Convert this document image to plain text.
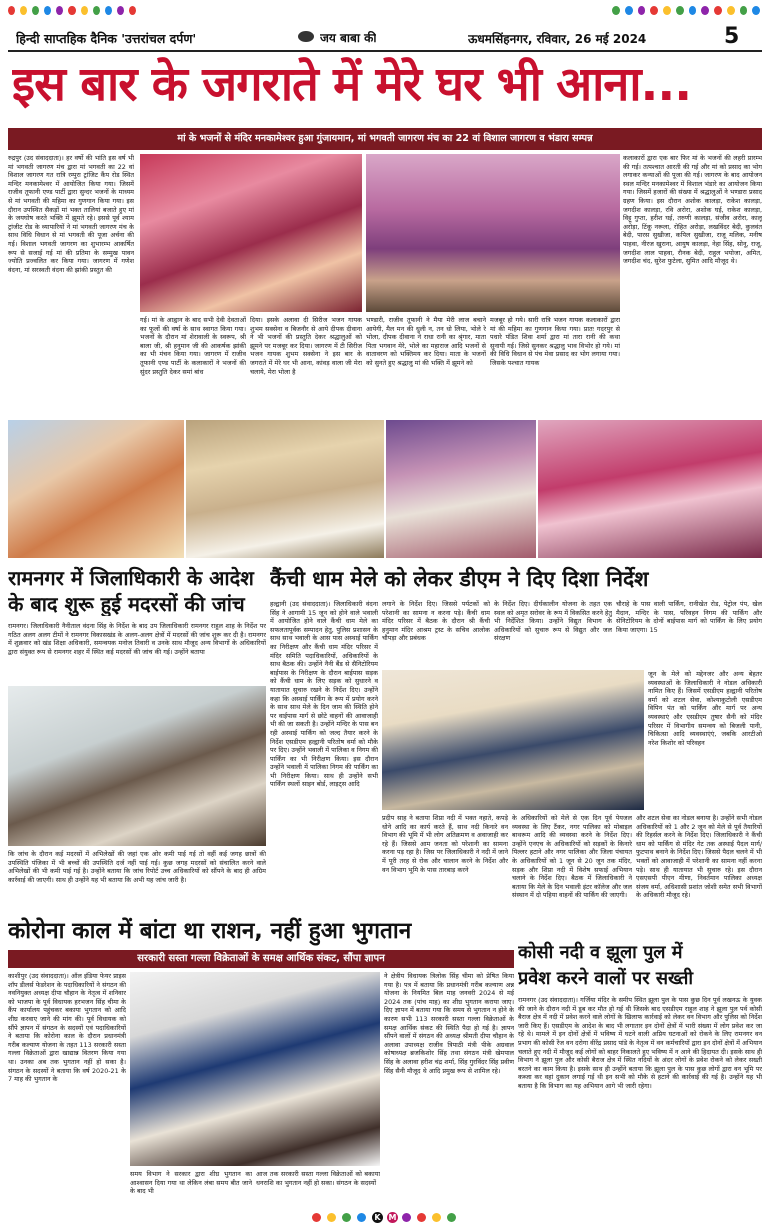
हिन्दी साप्तहिक दैनिक 'उत्तरांचल दर्पण'	जय बाबा की	ऊधमसिंहनगर, रविवार, 26 मई 2024	5
इस बार के जगराते में मेरे घर भी आना...
मां के भजनों से मंदिर मनकामेश्वर हुआ गुंजायमान, मां भगवती जागरण मंच का 22 वां विशाल जागरण व भंडारा सम्पन्न
रुद्रपुर (उद संवाददाता)। हर वर्षो की भांति इस वर्ष भी मां भगवती जागरण मंच द्वारा मां भगवती का 22 वां विशाल जागरण गत रात्रि रम्पुरा ट्रांजिट कैंप रोड स्थित मन्दिर मनकामेश्वर में आयोजित किया गया। जिसमें राजीव तूफानी एण्ड पार्टी द्वारा सुन्दर भजनों के माध्यम से मां भगवती की महिमा का गुणगान किया गया। इस दौरान उपस्थित सैकड़ों मां भक्त तालियां बजाते हुए मां के जयघोष करते भक्ति में झूमते रहे। इससे पूर्व श्याम ट्रांजीट रोड के व्यापारियों ने मां भगवती जागरण मंच के साथ विधि विधान से मां भगवती की पूजा अर्चना की गई। विशाल भगवती जागरण का शुभारम्भ आकर्षित रूप से सजाई गई मां की प्रतिमा के सम्मुख पावन ज्योति प्रज्वलित कर किया गया। जागरण में गणेश वंदना, मां सरस्वती वंदना की झांकी प्रस्तुत की
कलाकारों द्वारा एक बार फिर मां के भजनों की लहरी प्रारम्भ की गई। तत्पश्चात आरती की गई और मां को प्रसाद का भोग लगाकर कन्याओं की पूजा की गई। जागरण के बाद आयोजन स्थल मन्दिर मनकामेश्वर में विशाल भंडारे का आयोजन किया गया। जिसमें हजारों की संख्या में श्रद्धालुओं ने भण्डारा प्रसाद ग्रहण किया। इस दौरान अशोक कालड़ा, राकेश कालड़ा, जगदीश कालड़ा, रवि अरोरा, अशोक घई, राकेश कालड़ा, विट्टू गुप्ता, हरीश घई, तरुणी कालड़ा, संजीव अरोरा, कालू अरोड़ा, टिंकू नरूला, रोहित अरोड़ा, लखविंदर बेदी, कुलवंत बेदी, पारस सुखीजा, कपिल सुखीजा, राजू मलिक, मनीष पाहवा, नीरज खुराना, आयुष कालड़ा, नेहा सिंह, सोनू, राजू, जगदीश लाल पाहवा, रौनक बेदी, राहुल भयोजा, अमित, जगदीश चंद, सुरेश फुटेला, सुमित आदि मौजूद थे।
गई। मां के आह्वान के बाद सभी देवी देवताओं का फूलों की वर्षा के साथ स्वागत किया गया। भजनों के दौरान मां शेरावाली के स्वरूप, श्री बाला जी, श्री हनुमान जी की आकर्षक झांकी का भी मंचन किया गया। जागरण में राजीव तूफानी एण्ड पार्टी के कलाकारों ने भजनों की सुंदर प्रस्तुति देकर समां बांध
दिया। इसके अलावा दी सिरीज भजन गायक शुभम सक्सेना व बिजनौर से आये दीपक दीवाना ने भी भजनों की प्रस्तुति देकर श्रद्धालुओं को झूमने पर मजबूर कर दिया। जागरण में टी सिरीज भजन गायक शुभम सक्सेना ने इस बार के जगराते में मेरे घर भी आना, कांवड़ वाला जी मेरा चलाये, मेरा भोला है
भण्डारी, राजीव तूफानी ने मैया मेरी लाज बचाने आयेगी, मैल मन की धुली न, तन धो लिया, भोले रे भोला, दीपक दीवाना ने राधा रानी का श्रृंगार, माता पिता भगवान मेरे, भोले का महाराज आदि भजनों से वातावरण को भक्तिमय कर दिया। माता के भजनों को सुनते हुए श्रद्धालु मां की भक्ति में झूमने को
मजबूर हो गये। सारी रात्रि भजन गायक कलाकारों द्वारा मां की महिमा का गुणगान किया गया। प्रातः गदरपुर से पधारे पंडित शिवा शर्मा द्वारा मां तारा रानी की कथा सुनायी गई। जिसे सुनकर श्रद्धालु भाव विभोर हो गये। मां की विधि विधान से पंच मेवा प्रसाद का भोग लगाया गया। जिसके पश्चात गायक
रामनगर में जिलाधिकारी के आदेश
के बाद शुरू हुई मदरसों की जांच
रामनगर। जिलाधिकारी नैनीताल वंदना सिंह के निर्देश के बाद उप जिलाधिकारी रामनगर राहुल शाह के निर्देश पर गठित अलग अलग टीमों ने रामनगर विकासखंड के अलग-अलग क्षेत्रों में मदरसों की जांच शुरू कर दी है। रामनगर में शुक्रवार को खंड शिक्षा अधिकारी, समन्वयक मनोज तिवारी व उनके साथ मौजूद अन्य विभागों के अधिकारियों द्वारा संयुक्त रूप से रामनगर शहर में स्थित कई मदरसों की जांच की गई। उन्होंने बताया
कि जांच के दौरान कई मदरसों में अभिलेखों की जहां एक ओर कमी पाई गई तो वहीं कई जगह छात्रों की उपस्थिति पंजिका में भी बच्चों की उपस्थिति दर्ज नहीं पाई गई। कुछ जगह मदरसों को संचालित करने वाले अभिलेखों की भी कमी पाई गई है। उन्होंने बताया कि जांच रिपोर्ट उच्च अधिकारियों को सौंपने के बाद ही अग्रिम कार्रवाई की जाएगी। साथ ही उन्होंने यह भी बताया कि अभी यह जांच जारी है।
कैंची धाम मेले को लेकर डीएम ने दिए दिशा निर्देश
हल्द्वानी (उद संवाददाता)। जिलाधिकारी वंदना सिंह ने आगामी 15 जून को होने वाले भवाली में आयोजित होने वाले कैंची धाम मेले का सफलतापूर्वक सम्पादन हेतु, पुलिस प्रशासन के साथ साथ भवाली के आस पास अस्थाई पार्किंग का निरीक्षण और कैंची धाम मंदिर परिसर में मंदिर समिति पदाधिकारियों, अधिकारियों के साथ बैठक की। उन्होंने नैनी बैंड से सैनिटोरियम बाईपास के निरीक्षण के दौरान बाईपास सड़क को कैंची धाम के लिए सड़क को सुधारने व यातायात सुचारु रखने के निर्देश दिए। उन्होंने कहा कि अस्थाई पार्किंग के रूप में प्रयोग करने के साथ साथ मेले के दिन जाम की स्थिति होने पर वाईपास मार्ग से छोटे वाहनों की आवाजाही भी की जा सकती है। उन्होंने मन्दिर के पास बन रही अस्थाई पार्किंग को जल्द तैयार करने के निर्देश एसडीएम हल्द्वानी परितोष वर्मा को मौके पर दिए। उन्होंने भवाली में पालिका व निगम की पार्किंग का भी निरीक्षण किया। इस दौरान उन्होंने भवाली में पालिका निगम की पार्किंग का भी निरीक्षण किया। साथ ही उन्होंने सभी पार्किंग स्थलों साइन बोर्ड, लाइट्स आदि
लगाने के निर्देश दिए। जिससे पर्यटकों को परेशानी का सामना न करना पड़े। कैंची धाम मंदिर परिसर में बैठक के दौरान श्री कैंची हनुमान मंदिर आश्रम ट्रस्ट के सचिव आलोक चौपड़ा और प्रबंधक
के निर्देश दिए। दीर्घकालीन योजना के तहत एक स्थल को अमृत सरोवर के रूप में विकसित करने हेतु भी निर्देशित किया। उन्होंने विद्युत विभाग के अधिकारियों को सुचारु रूप से विद्युत और जल संरक्षण
चौराहे के पास वाली पार्किंग, रानीखेत रोड, पेट्रोल पंप, खेल मैदान, मन्दिर के पास, परिवहन निगम की पार्किंग और सेनिटोरियम के दोनों बाईपास मार्ग को पार्किंग के लिए प्रयोग किया जाएगा। 15
जून के मेले को मद्देनजर और अन्य बेहतर व्यवस्थाओं के जिलाधिकारी ने नोडल अधिकारी नामित किए हैं। जिसमें एसडीएम हल्द्वानी परितोष वर्मा को शटल सेवा, कोश्याकुटोली एसडीएम विपिन पंत को पार्किंग और मार्ग पर अन्य व्यवस्थाएं और एसडीएम तुषार सैनी को मंदिर परिसर में विभागीय समन्वय को बिजली पानी, चिकित्सा आदि व्यवस्थाएंएं, जबकि आरटीओ नरेश किशोर को परिवहन
प्रदीप साह ने बताया शिप्रा नदी में भक्त नहाते, कपड़े धोने आदि का कार्य करते हैं, साथ नदी किनारे वन विभाग की भूमि में भी लोग अतिक्रमण व अवाजाही कर रहे हैं। जिससे आम जनता को परेशानी का सामना करना पड़ रहा है। जिस पर जिलाधिकारी ने नदी में जाने में पूरी तरह से रोक और चालान करने के निर्देश और वन विभाग भूमि के पास तारबाड़ करने
के अधिकारियों को मेले से एक दिन पूर्व पेयजल व्यवस्था के लिए टैंकर, नगर पालिका को मोबाइल बाथरूम आदि की व्यवस्था करने के निर्देश दिए। उन्होंने एनएच के अधिकारियों को सड़कों के किनारे पिल्लर हटाने और नगर पालिका और जिला पंचायत के अधिकारियों को 1 जून से 20 जून तक मंदिर, सड़क और शिप्रा नदी में विशेष सफाई अभियान चलाने के निर्देश दिए। बैठक में जिलाधिकारी ने बताया कि मेले के दिन भवाली इंटर कॉलेज और जल संस्थान में दो पहिया वाहनों की पार्किंग की जाएगी।
और शटल सेवा का नोडल बनाया है। उन्होंने सभी नोडल अधिकारियों को 1 और 2 जून को मेले से पूर्व तैयारियों की रिहर्सल करने के निर्देश दिए। जिलाधिकारी ने कैंची धाम को पार्किंग से मंदिर गेट तक अस्थाई पैदल मार्ग/फुटपाथ बनाने के निर्देश दिए। जिससे पैदल चलने में भी भक्तों को आवाजाही में परेशानी का सामना नहीं करना पड़े। साथ ही यातायात भी सुचारु रहे। इस दौरान एसएसपी पीएन मीणा, निवर्तमान पालिका अध्यक्ष संजय वर्मा, अधिशासी प्रशांत जोशी समेत सभी विभागों के अधिकारी मौजूद रहे।
कोरोना काल में बांटा था राशन, नहीं हुआ भुगतान
सरकारी सस्ता गल्ला विक्रेताओं के समक्ष आर्थिक संकट, सौंपा ज्ञापन
काशीपुर (उद संवाददाता)। ऑल इंडिया फेयर प्राइस शॉप डीलर्स फेडरेशन के पदाधिकारियों ने संगठन की नवनियुक्त अध्यक्ष दीपा चौहान के नेतृत्व में शनिवार को भाजपा के पूर्व विधायक हरभजन सिंह चीमा के कैंप कार्यालय पहुंचकर बकाया भुगतान को आदि शीघ्र करवाए जाने की मांग की। पूर्व विधायक को सौंपे ज्ञापन में संगठन के सदस्यों एवं पदाधिकारियों ने बताया कि कोरोना काल के दौरान प्रधानमंत्री गरीब कल्याण योजना के तहत 113 सरकारी सस्ता गल्ला विक्रेताओं द्वारा खाद्यान्न वितरण किया गया था। उनका अब तक भुगतान नहीं हो सका है। संगठन के सदस्यों ने बताया कि वर्ष 2020-21 के 7 माह की भुगतान के
समय विभाग ने सरकार द्वारा शीघ्र भुगतान का आश्वासन दिया गया था लेकिन लंबा समय बीत जाने के बाद भी
आज तक सरकारी सस्ता गल्ला विक्रेताओं को बकाया धनराशि का भुगतान नहीं हो सका। संगठन के सदस्यों
ने क्षेत्रीय विधायक त्रिलोक सिंह चीमा को प्रेषित किया गया है। पत्र में बताया कि प्रधानमंत्री गरीब कल्याण अन्न योजना के नियमित बिल माह जनवरी 2024 से मई 2024 तक (पांच माह) का शीघ्र भुगतान कराया जाए। दिए ज्ञापन में बताया गया कि समय से भुगतान न होने के कारण सभी 113 सरकारी सस्ता गल्ला विक्रेताओं के समक्ष आर्थिक संकट की स्थिति पैदा हो गई है। ज्ञापन सौंपने वालों में संगठन की अध्यक्ष श्रीमती दीपा चौहान के अलावा उपाध्यक्ष राजीव त्रिपाठी मंत्री पीके अग्रवाल कोषाध्यक्ष ब्रजकिशोर सिंह तथा संगठन मंत्री खेमपाल सिंह के अलावा हरीश चंद्र शर्मा, सिंह गुरविंदर सिंह प्रवीण सिंह सैनी मौजूद थे आदि प्रमुख रूप से शामिल रहे।
कोसी नदी व झूला पुल में
प्रवेश करने वालों पर सख्ती
रामनगर (उद संवाददाता)। गर्जिया मंदिर के समीप स्थित झूला पुल के पास कुछ दिन पूर्व लखनऊ के युवक की जाने के दौरान नदी में डूब कर मौत हो गई थी जिसके बाद एसडीएम राहुल शाह ने झूला पुल पर्व कोसी बैराज क्षेत्र में नदी में प्रवेश करने वाले लोगों के खिलाफ कार्रवाई को लेकर वन विभाग और पुलिस को निर्देश जारी किए हैं। एसडीएम के आदेश के बाद भी लगातार इन दोनों क्षेत्रों में भारी संख्या में लोग प्रवेश कर जा रहे थे। मामले में इन दोनों क्षेत्रों में भविष्य में घटने वाली अप्रिय घटनाओं को रोकने के लिए रामनगर वन प्रभाग की कोसी रेंज वन दरोगा वीरेंद्र प्रसाद पांडे के नेतृत्व में वन कर्मचारियों द्वारा इन दोनों क्षेत्रों में अभियान चलाते हुए नदी में मौजूद कई लोगों को बाहर निकालते हुए भविष्य में न आने की हिदायत दी। इसके साथ ही विभाग ने झूला पुल और कोसी बैराज क्षेत्र में स्थित नदियों के अंदर लोगों के प्रवेश रोकने को लेकर सख्ती बरतने का काम किया है। इसके साथ ही उन्होंने बताया कि झूला पुल के पास कुछ लोगों द्वारा वन भूमि पर कब्जा कर वहां दुकान लगाई गई थी इन सभी को मौके से हटाने की कार्रवाई की गई है। उन्होंने यह भी बताया है कि विभाग का यह अभियान आगे भी जारी रहेगा।
K M
